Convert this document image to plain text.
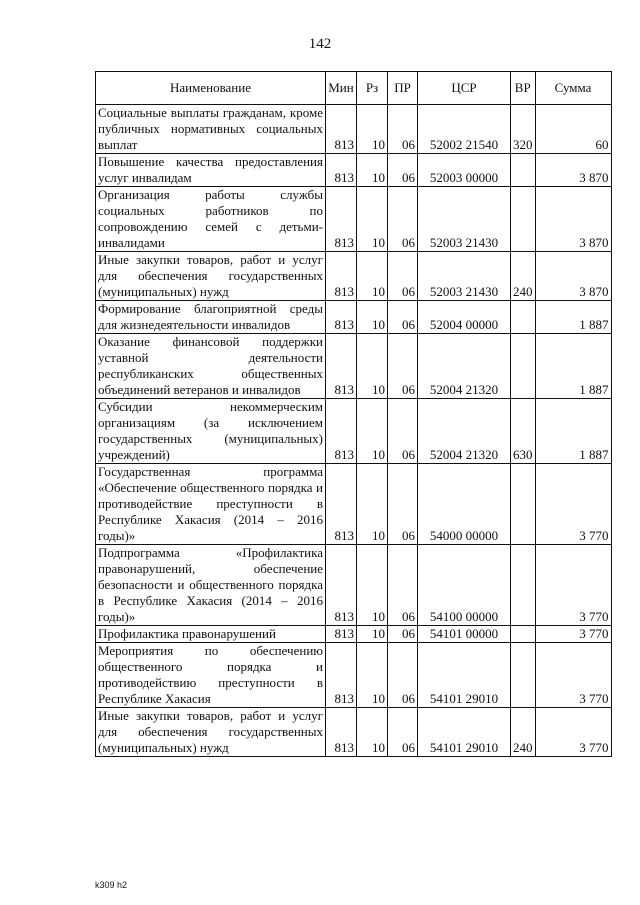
142
Наименование	Мин	Рз	ПР	ЦСР	ВР	Сумма
Социальные выплаты гражданам, кроме публичных нормативных социальных выплат	813	10	06	52002 21540	320	60
Повышение качества предоставления услуг инвалидам	813	10	06	52003 00000		3 870
Организация работы службы социальных работников по сопровождению семей с детьми-инвалидами	813	10	06	52003 21430		3 870
Иные закупки товаров, работ и услуг для обеспечения государственных (муниципальных) нужд	813	10	06	52003 21430	240	3 870
Формирование благоприятной среды для жизнедеятельности инвалидов	813	10	06	52004 00000		1 887
Оказание финансовой поддержки уставной деятельности республиканских общественных объединений ветеранов и инвалидов	813	10	06	52004 21320		1 887
Субсидии некоммерческим организациям (за исключением государственных (муниципальных) учреждений)	813	10	06	52004 21320	630	1 887
Государственная программа «Обеспечение общественного порядка и противодействие преступности в Республике Хакасия (2014 – 2016 годы)»	813	10	06	54000 00000		3 770
Подпрограмма «Профилактика правонарушений, обеспечение безопасности и общественного порядка в Республике Хакасия (2014 – 2016 годы)»	813	10	06	54100 00000		3 770
Профилактика правонарушений	813	10	06	54101 00000		3 770
Мероприятия по обеспечению общественного порядка и противодействию преступности в Республике Хакасия	813	10	06	54101 29010		3 770
Иные закупки товаров, работ и услуг для обеспечения государственных (муниципальных) нужд	813	10	06	54101 29010	240	3 770
k309 h2
